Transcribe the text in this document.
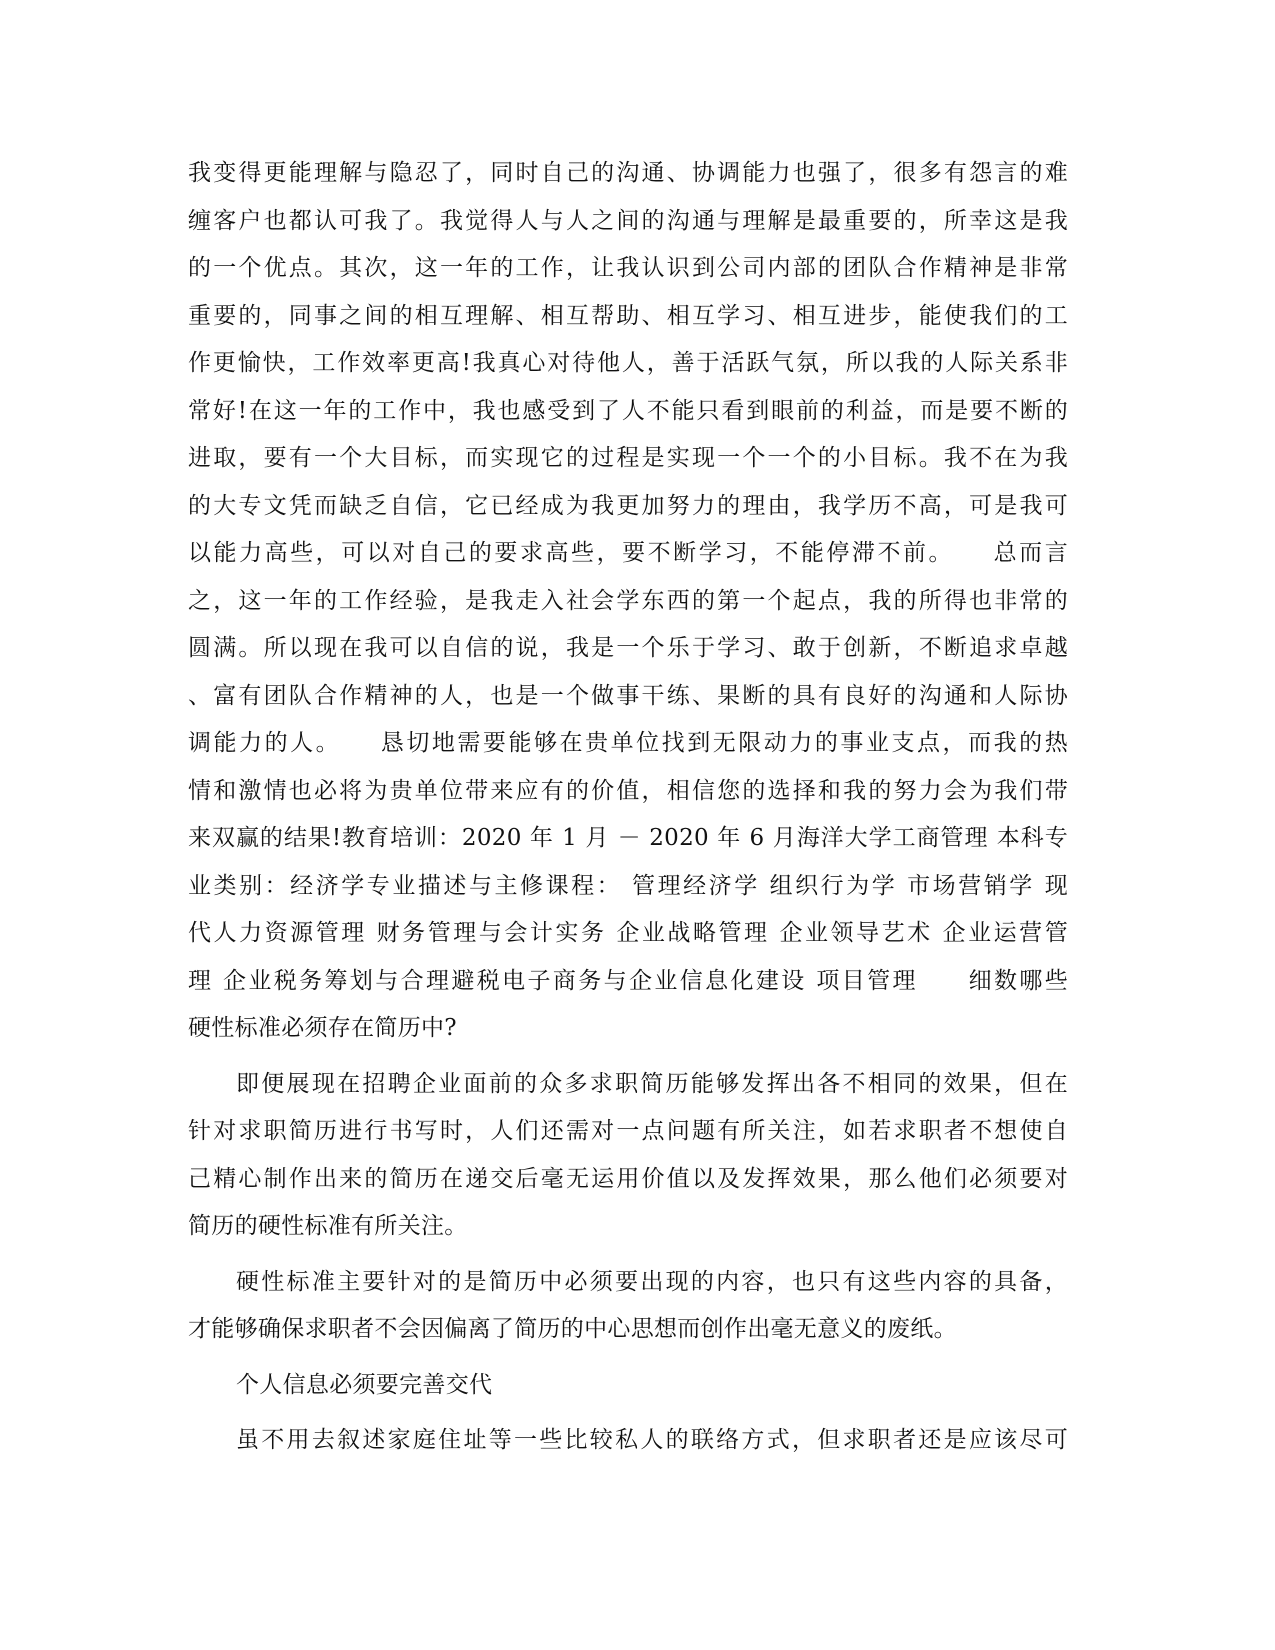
我变得更能理解与隐忍了，同时自己的沟通、协调能力也强了，很多有怨言的难
缠客户也都认可我了。我觉得人与人之间的沟通与理解是最重要的，所幸这是我
的一个优点。其次，这一年的工作，让我认识到公司内部的团队合作精神是非常
重要的，同事之间的相互理解、相互帮助、相互学习、相互进步，能使我们的工
作更愉快，工作效率更高!我真心对待他人，善于活跃气氛，所以我的人际关系非
常好!在这一年的工作中，我也感受到了人不能只看到眼前的利益，而是要不断的
进取，要有一个大目标，而实现它的过程是实现一个一个的小目标。我不在为我
的大专文凭而缺乏自信，它已经成为我更加努力的理由，我学历不高，可是我可
以能力高些，可以对自己的要求高些，要不断学习，不能停滞不前。　　总而言
之，这一年的工作经验，是我走入社会学东西的第一个起点，我的所得也非常的
圆满。所以现在我可以自信的说，我是一个乐于学习、敢于创新，不断追求卓越
、富有团队合作精神的人，也是一个做事干练、果断的具有良好的沟通和人际协
调能力的人。　　恳切地需要能够在贵单位找到无限动力的事业支点，而我的热
情和激情也必将为贵单位带来应有的价值，相信您的选择和我的努力会为我们带
来双赢的结果!教育培训：2020 年 1 月 － 2020 年 6 月海洋大学工商管理 本科专
业类别：经济学专业描述与主修课程： 管理经济学 组织行为学 市场营销学 现
代人力资源管理 财务管理与会计实务 企业战略管理 企业领导艺术 企业运营管
理 企业税务筹划与合理避税电子商务与企业信息化建设 项目管理　　细数哪些
硬性标准必须存在简历中?
即便展现在招聘企业面前的众多求职简历能够发挥出各不相同的效果，但在
针对求职简历进行书写时，人们还需对一点问题有所关注，如若求职者不想使自
己精心制作出来的简历在递交后毫无运用价值以及发挥效果，那么他们必须要对
简历的硬性标准有所关注。
硬性标准主要针对的是简历中必须要出现的内容，也只有这些内容的具备，
才能够确保求职者不会因偏离了简历的中心思想而创作出毫无意义的废纸。
个人信息必须要完善交代
虽不用去叙述家庭住址等一些比较私人的联络方式，但求职者还是应该尽可
